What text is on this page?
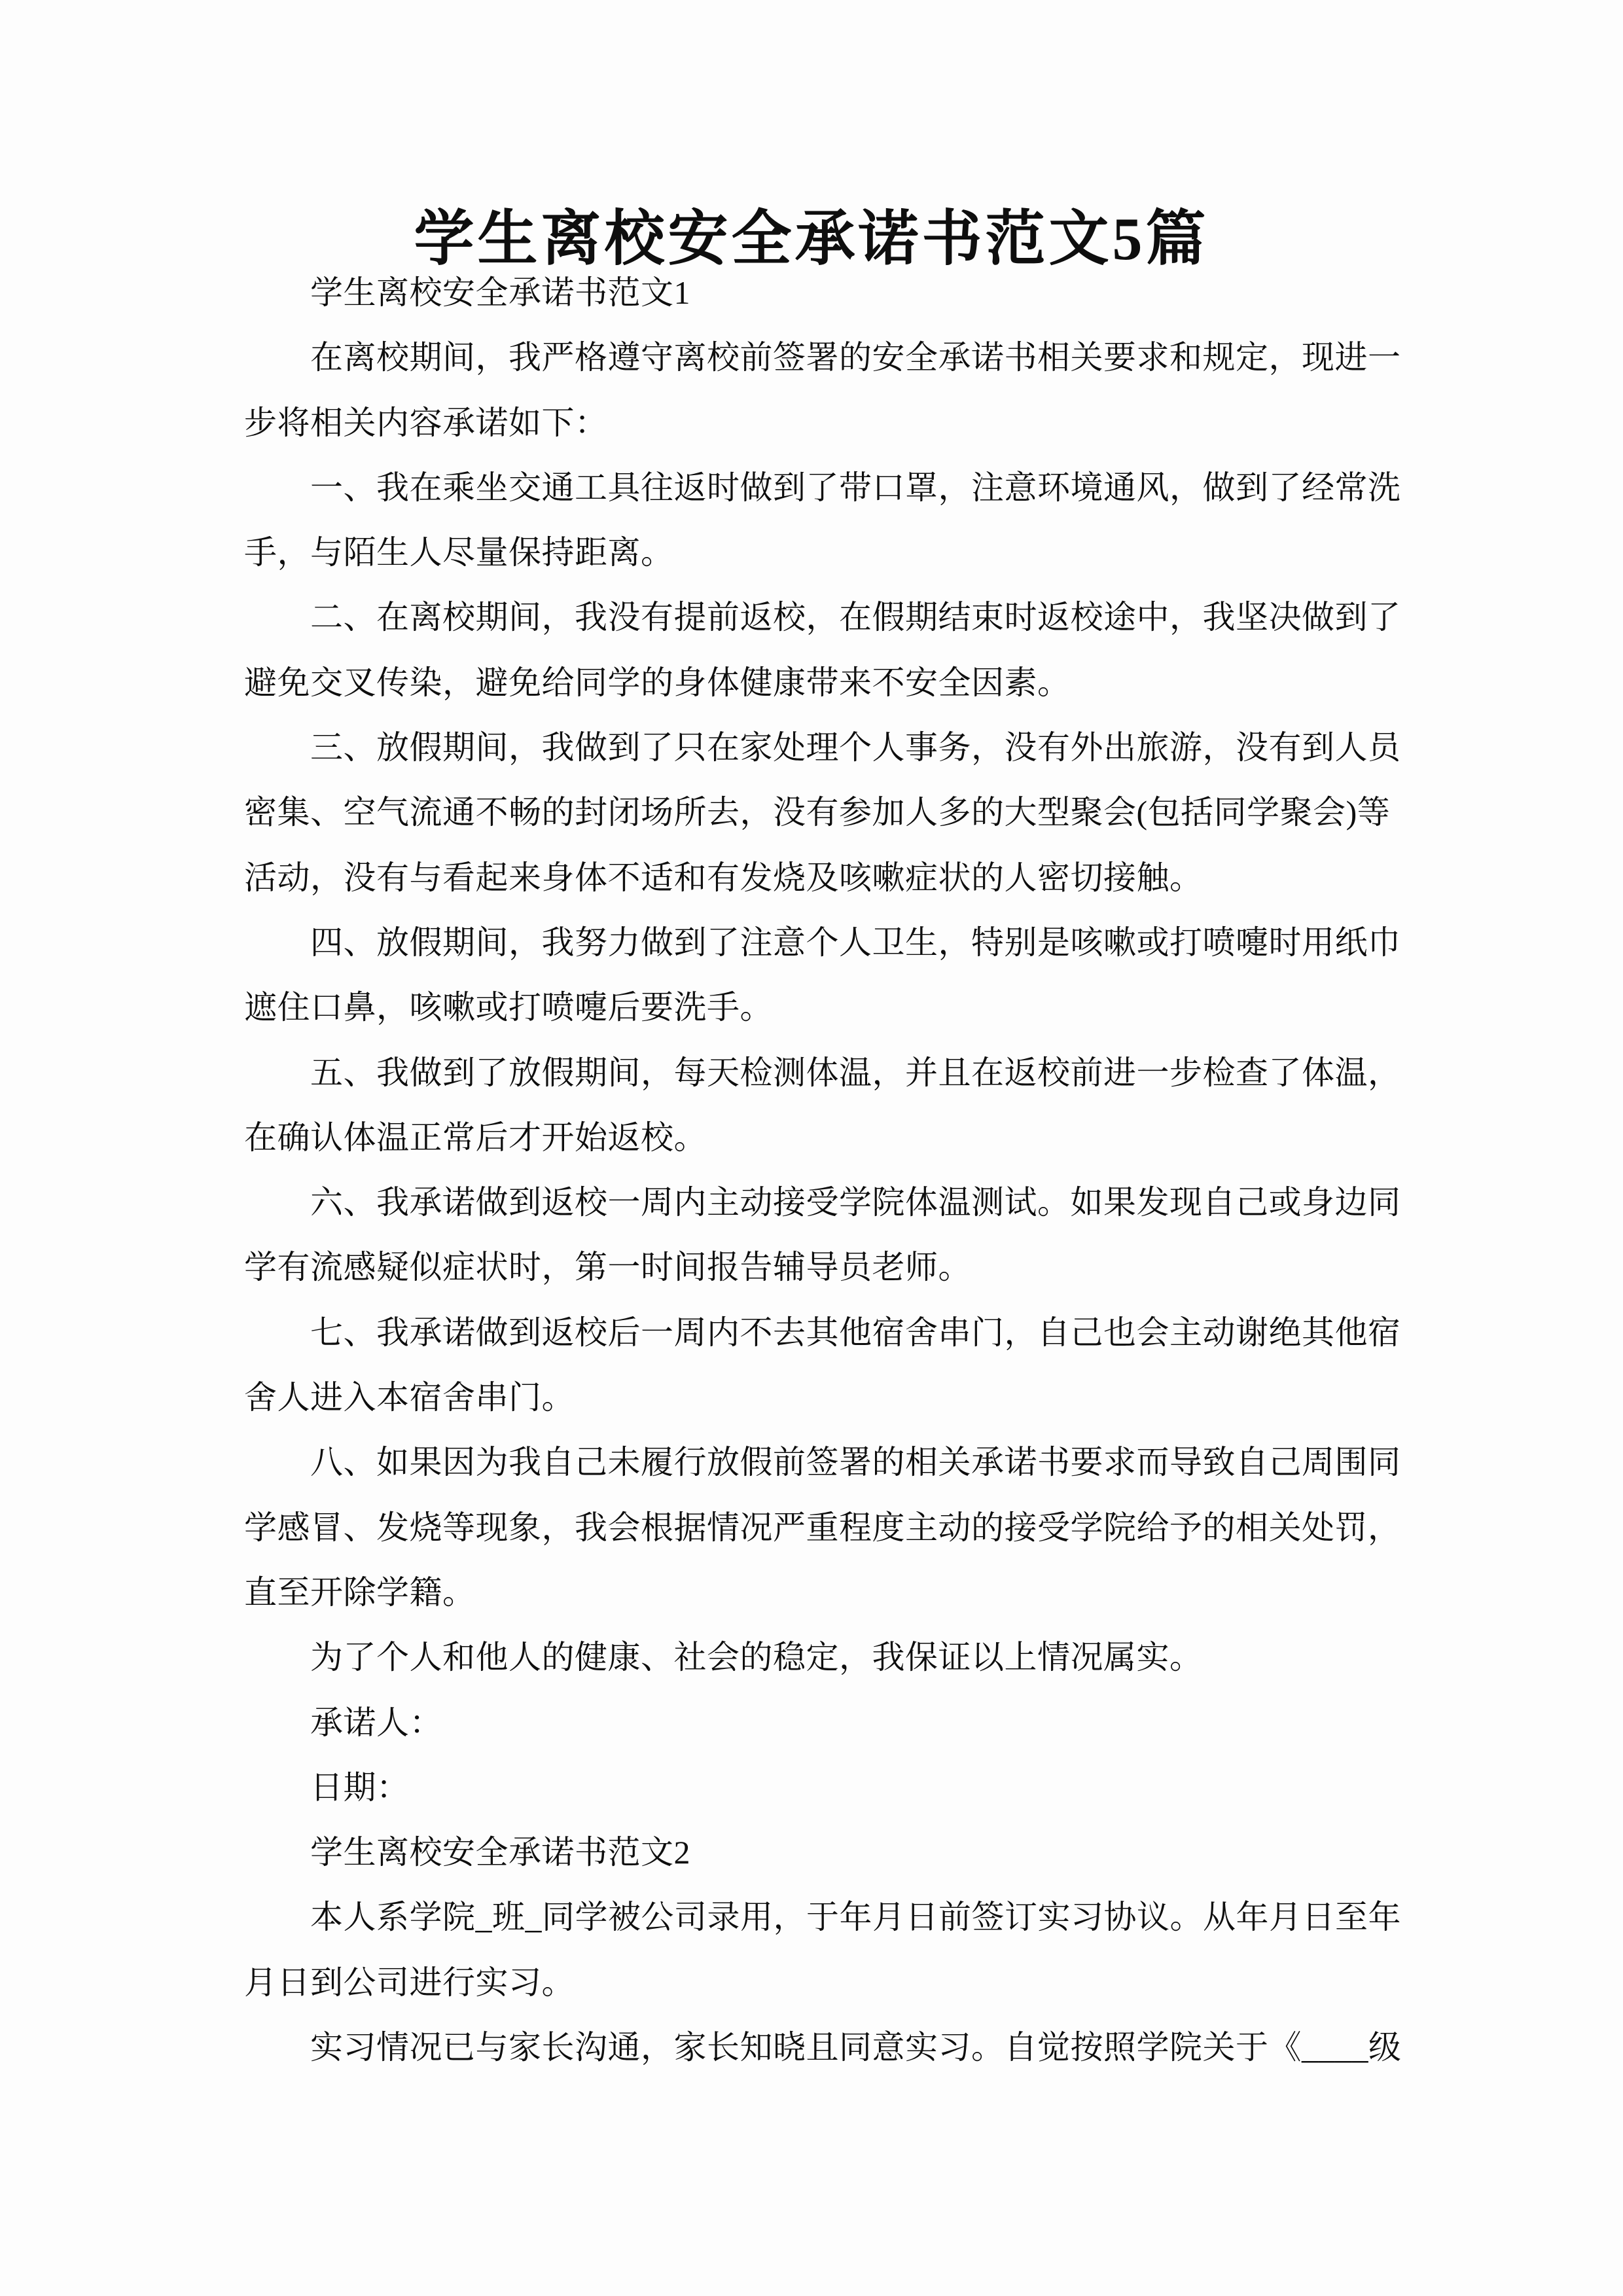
学生离校安全承诺书范文5篇
学生离校安全承诺书范文1
在离校期间，我严格遵守离校前签署的安全承诺书相关要求和规定，现进一
步将相关内容承诺如下：
一、我在乘坐交通工具往返时做到了带口罩，注意环境通风，做到了经常洗
手，与陌生人尽量保持距离。
二、在离校期间，我没有提前返校，在假期结束时返校途中，我坚决做到了
避免交叉传染，避免给同学的身体健康带来不安全因素。
三、放假期间，我做到了只在家处理个人事务，没有外出旅游，没有到人员
密集、空气流通不畅的封闭场所去，没有参加人多的大型聚会(包括同学聚会)等
活动，没有与看起来身体不适和有发烧及咳嗽症状的人密切接触。
四、放假期间，我努力做到了注意个人卫生，特别是咳嗽或打喷嚏时用纸巾
遮住口鼻，咳嗽或打喷嚏后要洗手。
五、我做到了放假期间，每天检测体温，并且在返校前进一步检查了体温，
在确认体温正常后才开始返校。
六、我承诺做到返校一周内主动接受学院体温测试。如果发现自己或身边同
学有流感疑似症状时，第一时间报告辅导员老师。
七、我承诺做到返校后一周内不去其他宿舍串门，自己也会主动谢绝其他宿
舍人进入本宿舍串门。
八、如果因为我自己未履行放假前签署的相关承诺书要求而导致自己周围同
学感冒、发烧等现象，我会根据情况严重程度主动的接受学院给予的相关处罚，
直至开除学籍。
为了个人和他人的健康、社会的稳定，我保证以上情况属实。
承诺人：
日期：
学生离校安全承诺书范文2
本人系学院_班_同学被公司录用，于年月日前签订实习协议。从年月日至年
月日到公司进行实习。
实习情况已与家长沟通，家长知晓且同意实习。自觉按照学院关于《____级
